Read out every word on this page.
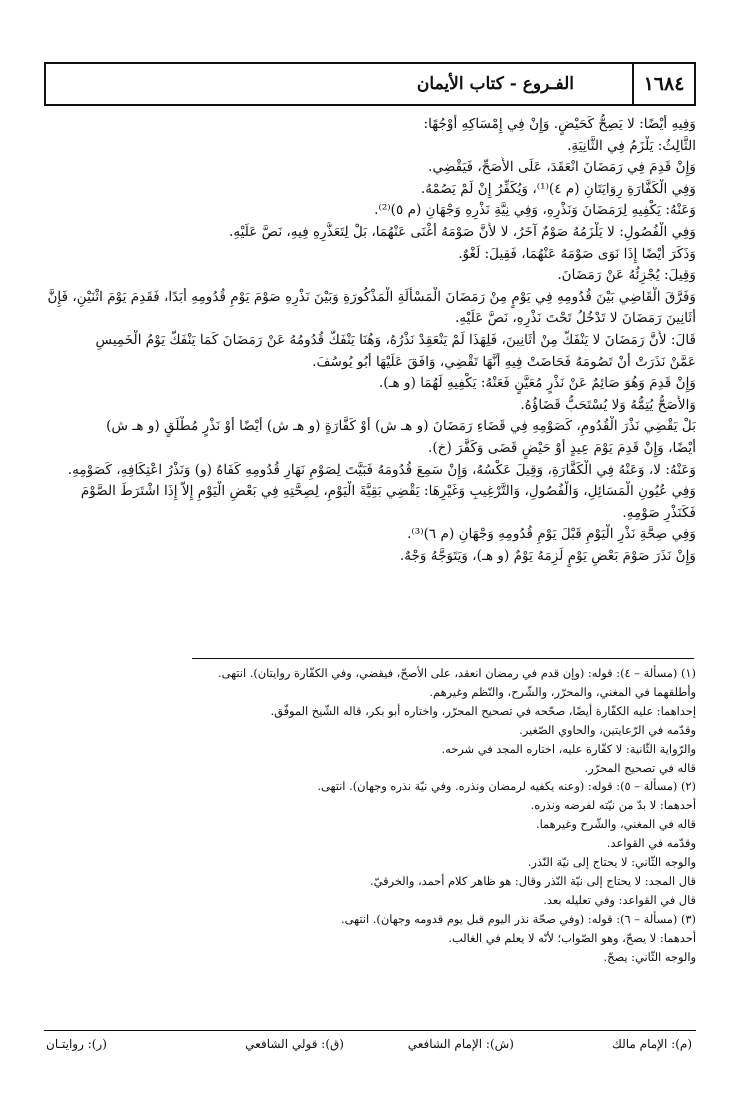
١٦٨٤
الفـروع - كتاب الأيمان

وَفِيهِ أَيْضًا: لا يَصِحُّ كَحَيْضٍ. وَإِنْ فِي إِمْسَاكِهِ أَوْجُهًا:

الثَّالِثُ: يَلْزَمُ فِي الثَّانِيَةِ.

وَإِنْ قَدِمَ فِي رَمَضَانَ انْعَقَدَ، عَلَى الأَصَحِّ، فَيَقْضِي.

وَفِي الْكَفَّارَةِ رِوَايَتَانِ (م ٤)⁽¹⁾، وَيُكَفِّرُ إِنْ لَمْ يَصُمْهُ.

وَعَنْهُ: يَكْفِيهِ لِرَمَضَانَ وَنَذْرِهِ، وَفِي نِيَّةِ نَذْرِهِ وَجْهَانِ (م ٥)⁽²⁾.

وَفِي الْفُصُولِ: لا يَلْزَمُهُ صَوْمٌ آخَرُ، لا لأَنَّ صَوْمَهُ أَغْنَى عَنْهُمَا، بَلْ لِتَعَذُّرِهِ فِيهِ، نَصَّ عَلَيْهِ.

وَذَكَرَ أَيْضًا إِذَا نَوَى صَوْمَهُ عَنْهُمَا، فَقِيلَ: لَغْوٌ.

وَقِيلَ: يُجْزِئُهُ عَنْ رَمَضَانَ.

وَفَرَّقَ الْقَاضِي بَيْنَ قُدُومِهِ فِي يَوْمٍ مِنْ رَمَضَانَ الْمَسْأَلَةِ الْمَذْكُورَةِ وَبَيْنَ نَذْرِهِ صَوْمَ يَوْمِ قُدُومِهِ أَبَدًا، فَقَدِمَ يَوْمَ اثْنَيْنِ، فَإِنَّ

أَثَانِينَ رَمَضَانَ لا تَدْخُلُ تَحْتَ نَذْرِهِ، نَصَّ عَلَيْهِ.

قَالَ: لأَنَّ رَمَضَانَ لا يَنْفَكُّ مِنْ أَثَانِينَ، فَلِهَذَا لَمْ يَنْعَقِدْ نَذْرُهُ، وَهُنَا يَنْفَكُّ قُدُومُهُ عَنْ رَمَضَانَ كَمَا يَنْفَكُّ يَوْمُ الْخَمِيسِ

عَمَّنْ نَذَرَتْ أَنْ تَصُومَهُ فَحَاضَتْ فِيهِ أَنَّهَا تَقْضِي، وَافَقَ عَلَيْهَا أَبُو يُوسُفَ.

وَإِنْ قَدِمَ وَهُوَ صَائِمٌ عَنْ نَذْرٍ مُعَيَّنٍ فَعَنْهُ: يَكْفِيهِ لَهُمَا (و هـ).

وَالأَصَحُّ يُتِمُّهُ وَلا يُسْتَحَبُّ قَضَاؤُهُ.

بَلْ يَقْضِي نَذْرَ الْقُدُومِ، كَصَوْمِهِ فِي قَضَاءِ رَمَضَانَ (و هـ ش) أَوْ كَفَّارَةٍ (و هـ ش) أَيْضًا أَوْ نَذْرٍ مُطْلَقٍ (و هـ ش)

أَيْضًا، وَإِنْ قَدِمَ يَوْمَ عِيدٍ أَوْ حَيْضٍ قَضَى وَكَفَّرَ (خ).

وَعَنْهُ: لا، وَعَنْهُ فِي الْكَفَّارَةِ، وَقِيلَ عَكْسُهُ، وَإِنْ سَمِعَ قُدُومَهُ فَبَيَّتَ لِصَوْمِ نَهَارِ قُدُومِهِ كَفَاهُ (و) وَنَذْرُ اعْتِكَافِهِ، كَصَوْمِهِ.

وَفِي عُيُونِ الْمَسَائِلِ، وَالْفُصُولِ، وَالتَّرْغِيبِ وَغَيْرِهَا: يَقْضِي بَقِيَّةَ الْيَوْمِ، لِصِحَّتِهِ فِي بَعْضِ الْيَوْمِ إِلاَّ إِذَا اشْتَرَطَ الصَّوْمَ

فَكَنَذْرِ صَوْمِهِ.

وَفِي صِحَّةِ نَذْرِ الْيَوْمِ قَبْلَ يَوْمِ قُدُومِهِ وَجْهَانِ (م ٦)⁽³⁾.

وَإِنْ نَذَرَ صَوْمَ بَعْضِ يَوْمٍ لَزِمَهُ يَوْمٌ (و هـ)، وَيَتَوَجَّهُ وَجْهٌ.

(١) (مسألة – ٤): قوله: (وإن قدم في رمضان انعقد، على الأصحّ، فيقضي، وفي الكفّارة روايتان). انتهى.

وأطلقهما في المغني، والمحرّر، والشّرح، والنّظم وغيرهم.

إحداهما: عليه الكفّارة أيضًا، صحّحه في تصحيح المحرّر، واختاره أبو بكر، قاله الشّيخ الموفّق.

وقدّمه في الرّعايتين، والحاوي الصّغير.

والرّواية الثّانية: لا كفّارة عليه، اختاره المجد في شرحه.

قاله في تصحيح المحرّر.

(٢) (مسألة – ٥): قوله: (وعنه يكفيه لرمضان ونذره. وفي نيّة نذره وجهان). انتهى.

أحدهما: لا بدّ من نيّته لفرضه ونذره.

قاله في المغني، والشّرح وغيرهما.

وقدّمه في القواعد.

والوجه الثّاني: لا يحتاج إلى نيّة النّذر.

قال المجد: لا يحتاج إلى نيّة النّذر وقال: هو ظاهر كلام أحمد، والخرقيّ.

قال في القواعد: وفي تعليله بعد.

(٣) (مسألة – ٦): قوله: (وفي صحّة نذر اليوم قبل يوم قدومه وجهان). انتهى.

أحدهما: لا يصحّ، وهو الصّواب؛ لأنّه لا يعلم في الغالب.

والوجه الثّاني: يصحّ.

(م): الإمام مالك
(ش): الإمام الشافعي
(ق): قولي الشافعي
(ر): روايتـان
